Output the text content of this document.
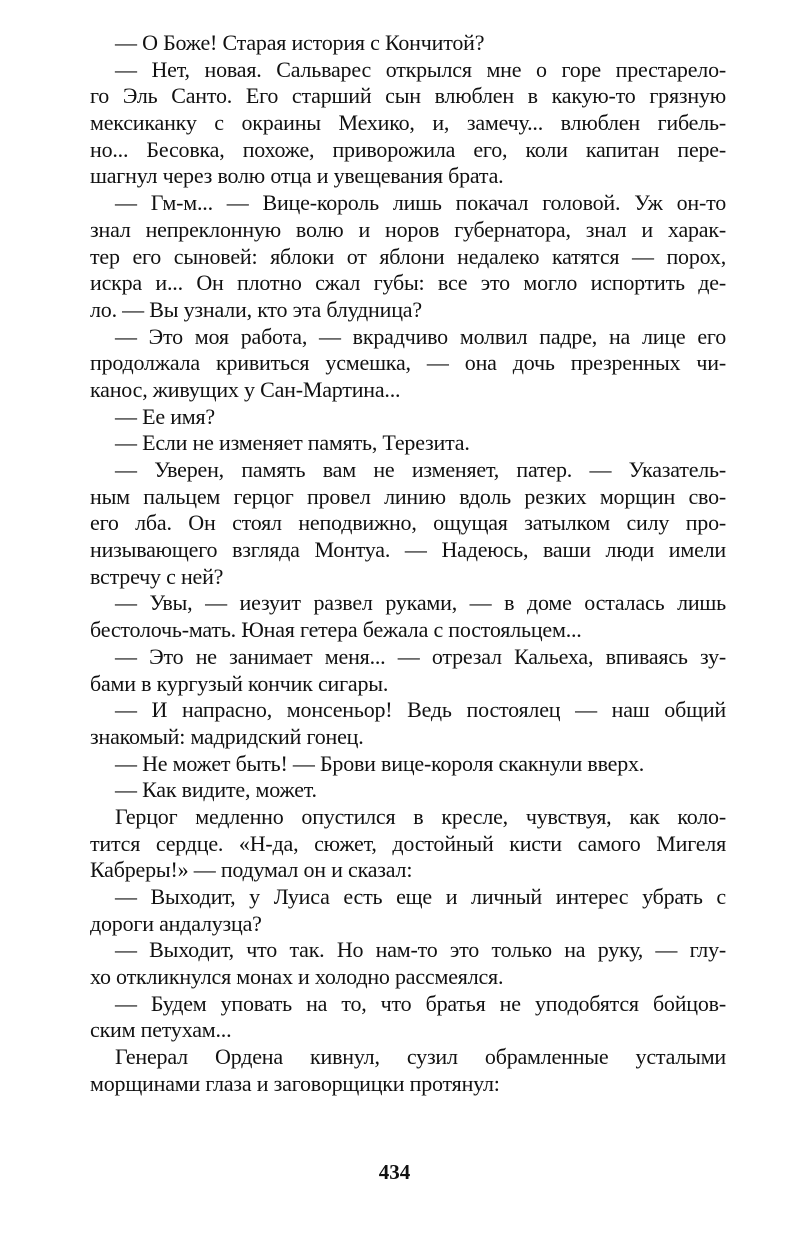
— О Боже! Старая история с Кончитой?
— Нет, новая. Сальварес открылся мне о горе престарело-
го Эль Санто. Его старший сын влюблен в какую-то грязную
мексиканку с окраины Мехико, и, замечу... влюблен гибель-
но... Бесовка, похоже, приворожила его, коли капитан пере-
шагнул через волю отца и увещевания брата.
— Гм-м... — Вице-король лишь покачал головой. Уж он-то
знал непреклонную волю и норов губернатора, знал и харак-
тер его сыновей: яблоки от яблони недалеко катятся — порох,
искра и... Он плотно сжал губы: все это могло испортить де-
ло. — Вы узнали, кто эта блудница?
— Это моя работа, — вкрадчиво молвил падре, на лице его
продолжала кривиться усмешка, — она дочь презренных чи-
канос, живущих у Сан-Мартина...
— Ее имя?
— Если не изменяет память, Терезита.
— Уверен, память вам не изменяет, патер. — Указатель-
ным пальцем герцог провел линию вдоль резких морщин сво-
его лба. Он стоял неподвижно, ощущая затылком силу про-
низывающего взгляда Монтуа. — Надеюсь, ваши люди имели
встречу с ней?
— Увы, — иезуит развел руками, — в доме осталась лишь
бестолочь-мать. Юная гетера бежала с постояльцем...
— Это не занимает меня... — отрезал Кальеха, впиваясь зу-
бами в кургузый кончик сигары.
— И напрасно, монсеньор! Ведь постоялец — наш общий
знакомый: мадридский гонец.
— Не может быть! — Брови вице-короля скакнули вверх.
— Как видите, может.
Герцог медленно опустился в кресле, чувствуя, как коло-
тится сердце. «Н-да, сюжет, достойный кисти самого Мигеля
Кабреры!» — подумал он и сказал:
— Выходит, у Луиса есть еще и личный интерес убрать с
дороги андалузца?
— Выходит, что так. Но нам-то это только на руку, — глу-
хо откликнулся монах и холодно рассмеялся.
— Будем уповать на то, что братья не уподобятся бойцов-
ским петухам...
Генерал Ордена кивнул, сузил обрамленные усталыми
морщинами глаза и заговорщицки протянул:
434
